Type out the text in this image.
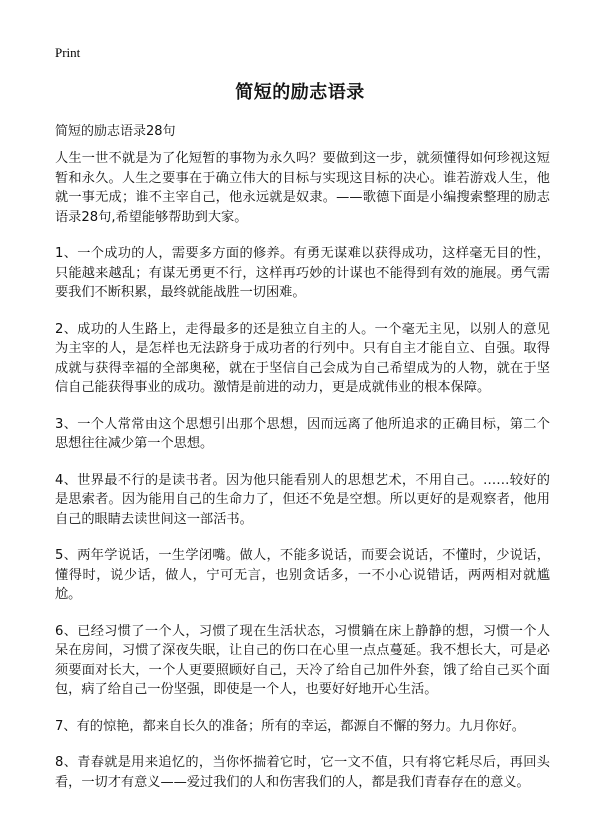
Print
简短的励志语录

简短的励志语录28句

人生一世不就是为了化短暂的事物为永久吗？要做到这一步，就须懂得如何珍视这短暂和永久。人生之要事在于确立伟大的目标与实现这目标的决心。谁若游戏人生，他就一事无成；谁不主宰自己，他永远就是奴隶。——歌德下面是小编搜索整理的励志语录28句,希望能够帮助到大家。

1、一个成功的人，需要多方面的修养。有勇无谋难以获得成功，这样毫无目的性，只能越来越乱；有谋无勇更不行，这样再巧妙的计谋也不能得到有效的施展。勇气需要我们不断积累，最终就能战胜一切困难。

2、成功的人生路上，走得最多的还是独立自主的人。一个毫无主见，以别人的意见为主宰的人，是怎样也无法跻身于成功者的行列中。只有自主才能自立、自强。取得成就与获得幸福的全部奥秘，就在于坚信自己会成为自己希望成为的人物，就在于坚信自己能获得事业的成功。激情是前进的动力，更是成就伟业的根本保障。

3、一个人常常由这个思想引出那个思想，因而远离了他所追求的正确目标，第二个思想往往减少第一个思想。

4、世界最不行的是读书者。因为他只能看别人的思想艺术，不用自己。……较好的是思索者。因为能用自己的生命力了，但还不免是空想。所以更好的是观察者，他用自己的眼睛去读世间这一部活书。

5、两年学说话，一生学闭嘴。做人，不能多说话，而要会说话，不懂时，少说话，懂得时，说少话，做人，宁可无言，也别贪话多，一不小心说错话，两两相对就尴尬。

6、已经习惯了一个人，习惯了现在生活状态，习惯躺在床上静静的想，习惯一个人呆在房间，习惯了深夜失眠，让自己的伤口在心里一点点蔓延。我不想长大，可是必须要面对长大，一个人更要照顾好自己，天冷了给自己加件外套，饿了给自己买个面包，病了给自己一份坚强，即使是一个人，也要好好地开心生活。

7、有的惊艳，都来自长久的准备；所有的幸运，都源自不懈的努力。九月你好。

8、青春就是用来追忆的，当你怀揣着它时，它一文不值，只有将它耗尽后，再回头看，一切才有意义——爱过我们的人和伤害我们的人，都是我们青春存在的意义。
